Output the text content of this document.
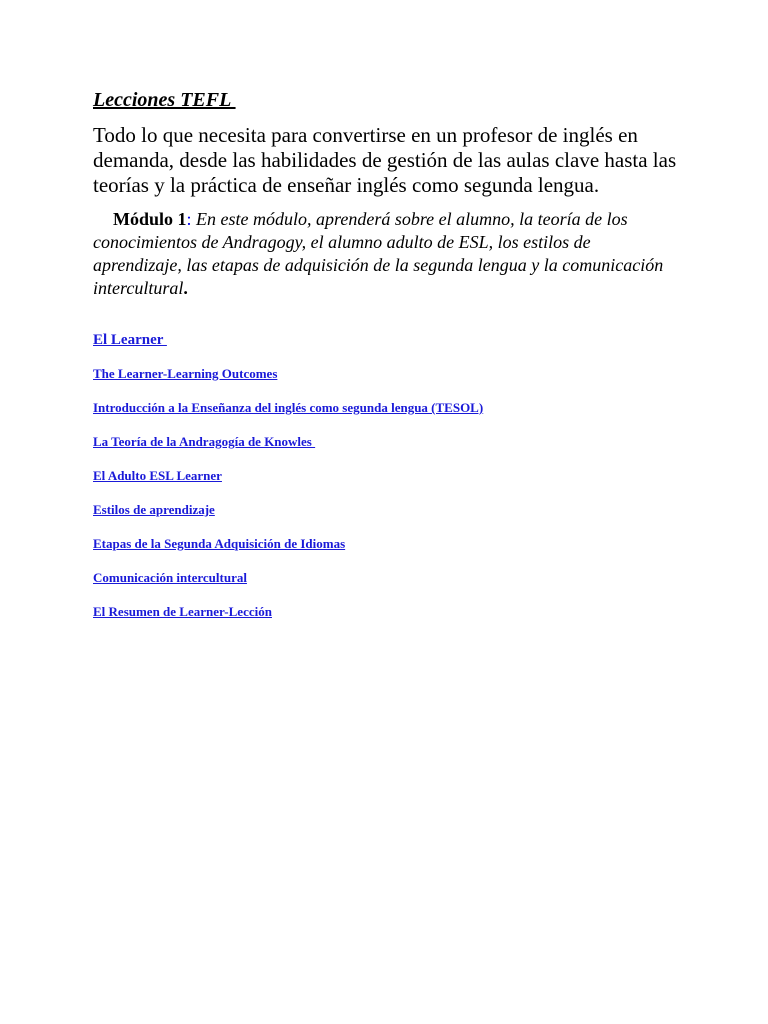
Lecciones TEFL

Todo lo que necesita para convertirse en un profesor de inglés en demanda, desde las habilidades de gestión de las aulas clave hasta las teorías y la práctica de enseñar inglés como segunda lengua.

Módulo 1: En este módulo, aprenderá sobre el alumno, la teoría de los conocimientos de Andragogy, el alumno adulto de ESL, los estilos de aprendizaje, las etapas de adquisición de la segunda lengua y la comunicación intercultural.

El Learner
The Learner-Learning Outcomes
Introducción a la Enseñanza del inglés como segunda lengua (TESOL)
La Teoría de la Andragogía de Knowles
El Adulto ESL Learner
Estilos de aprendizaje
Etapas de la Segunda Adquisición de Idiomas
Comunicación intercultural
El Resumen de Learner-Lección
